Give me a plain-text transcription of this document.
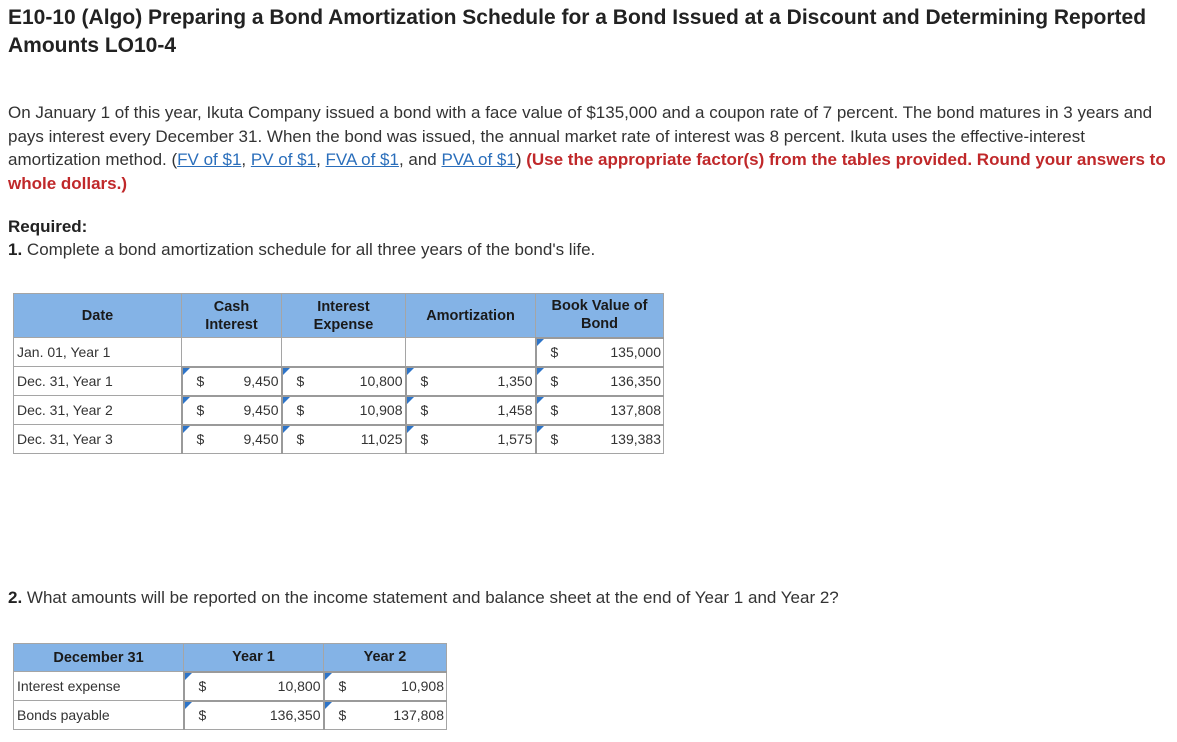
E10-10 (Algo) Preparing a Bond Amortization Schedule for a Bond Issued at a Discount and Determining Reported Amounts LO10-4
On January 1 of this year, Ikuta Company issued a bond with a face value of $135,000 and a coupon rate of 7 percent. The bond matures in 3 years and pays interest every December 31. When the bond was issued, the annual market rate of interest was 8 percent. Ikuta uses the effective-interest amortization method. (FV of $1, PV of $1, FVA of $1, and PVA of $1) (Use the appropriate factor(s) from the tables provided. Round your answers to whole dollars.)
Required:
1. Complete a bond amortization schedule for all three years of the bond's life.
Date	Cash Interest	Interest Expense	Amortization	Book Value of Bond

Jan. 01, Year 1				$ 135,000
Dec. 31, Year 1	$ 9,450	$ 10,800	$ 1,350	$ 136,350
Dec. 31, Year 2	$ 9,450	$ 10,908	$ 1,458	$ 137,808
Dec. 31, Year 3	$ 9,450	$ 11,025	$ 1,575	$ 139,383
2. What amounts will be reported on the income statement and balance sheet at the end of Year 1 and Year 2?
December 31	Year 1	Year 2
Interest expense	$ 10,800	$ 10,908
Bonds payable	$ 136,350	$ 137,808
